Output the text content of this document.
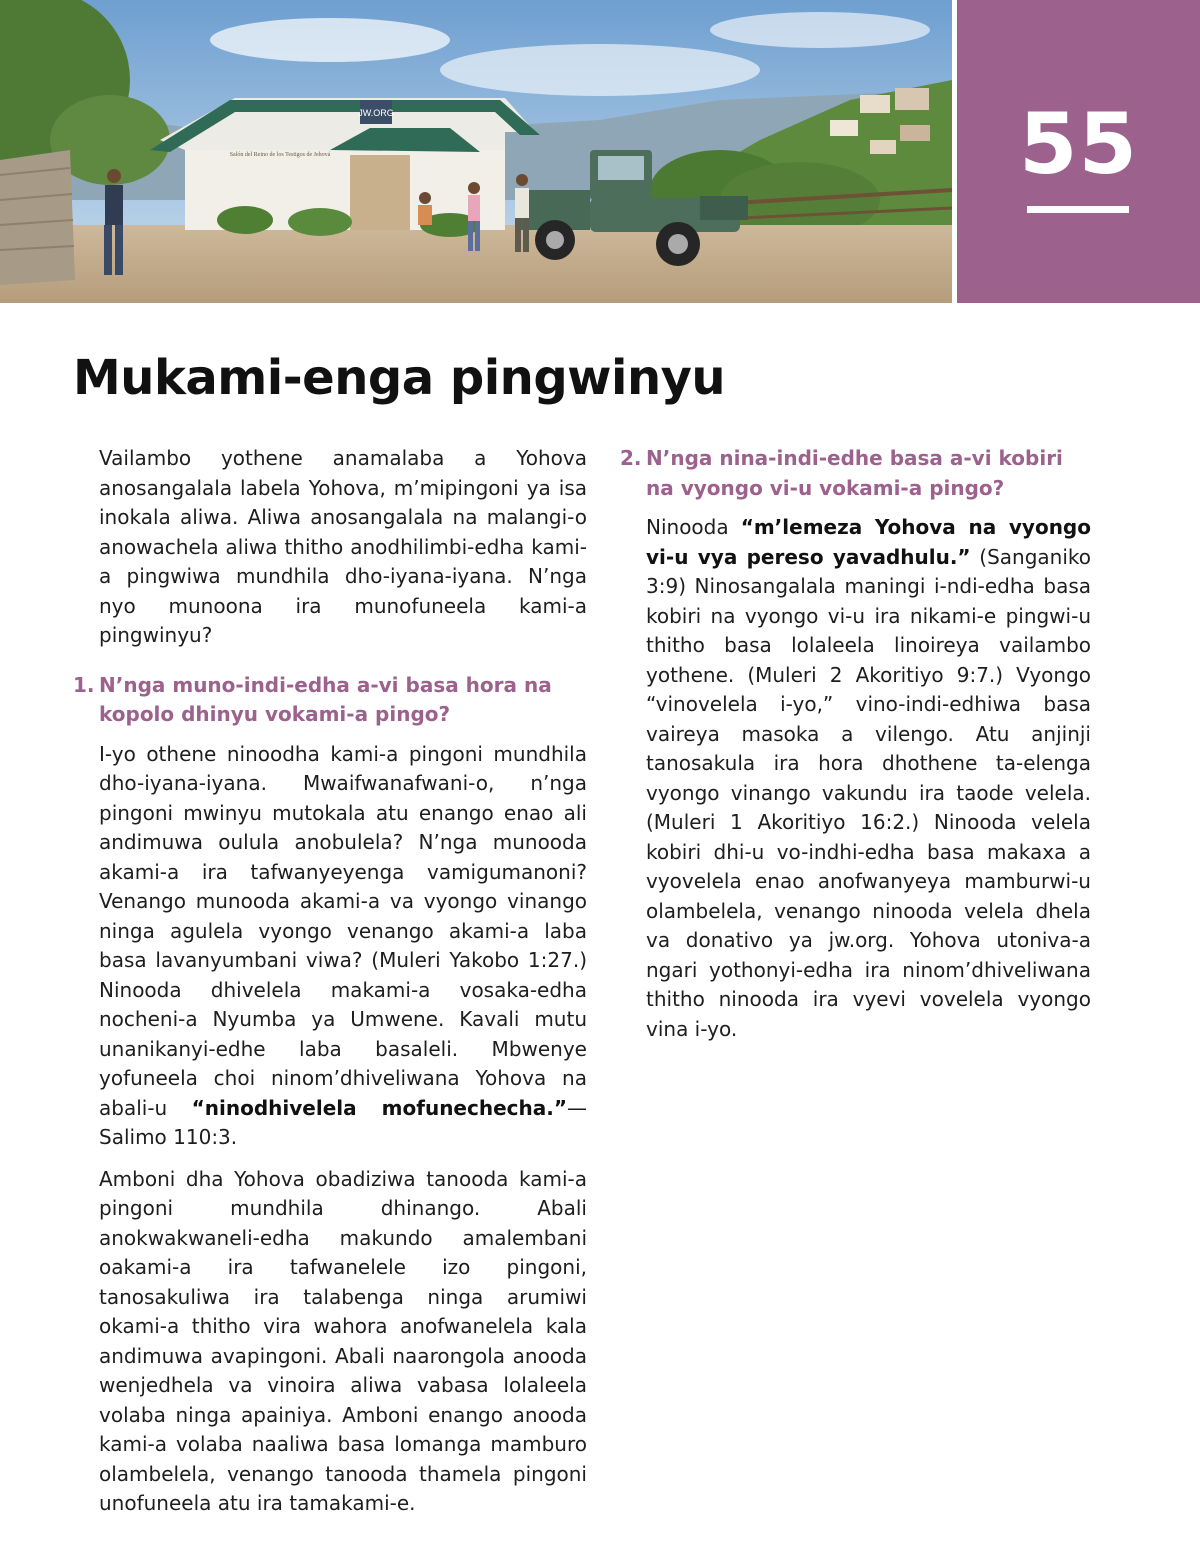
JW.ORG
Salón del Reino de los Testigos de Jehová	55
Mukami-enga pingwinyu

Vailambo yothene anamalaba a Yohova anosangalala labela Yohova, m’mipingoni ya isa inokala aliwa. Aliwa anosangalala na malangi-o anowachela aliwa thitho anodhilimbi-edha kami-a pingwiwa mundhila dho-iyana-iyana. N’nga nyo munoona ira munofuneela kami-a pingwinyu?

1. N’nga muno-indi-edha a-vi basa hora na kopolo dhinyu vokami-a pingo?

I-yo othene ninoodha kami-a pingoni mundhila dho-iyana-iyana. Mwaifwanafwani-o, n’nga pingoni mwinyu mutokala atu enango enao ali andimuwa oulula anobulela? N’nga munooda akami-a ira tafwanyeyenga vamigumanoni? Venango munooda akami-a va vyongo vinango ninga agulela vyongo venango akami-a laba basa lavanyumbani viwa? (Muleri Yakobo 1:27.) Ninooda dhivelela makami-a vosaka-edha nocheni-a Nyumba ya Umwene. Kavali mutu unanikanyi-edhe laba basaleli. Mbwenye yofuneela choi ninom’dhiveliwana Yohova na abali-u “ninodhivelela mofunechecha.”—Salimo 110:3.

Amboni dha Yohova obadiziwa tanooda kami-a pingoni mundhila dhinango. Abali anokwakwaneli-edha makundo amalembani oakami-a ira tafwanelele izo pingoni, tanosakuliwa ira talabenga ninga arumiwi okami-a thitho vira wahora anofwanelela kala andimuwa avapingoni. Abali naarongola anooda wenjedhela va vinoira aliwa vabasa lolaleela volaba ninga apainiya. Amboni enango anooda kami-a volaba naaliwa basa lomanga mamburo olambelela, venango tanooda thamela pingoni unofuneela atu ira tamakami-e.

2. N’nga nina-indi-edhe basa a-vi kobiri na vyongo vi-u vokami-a pingo?

Ninooda “m’lemeza Yohova na vyongo vi-u vya pereso yavadhulu.” (Sanganiko 3:9) Ninosangalala maningi i-ndi-edha basa kobiri na vyongo vi-u ira nikami-e pingwi-u thitho basa lolaleela linoireya vailambo yothene. (Muleri 2 Akoritiyo 9:7.) Vyongo “vinovelela i-yo,” vino-indi-edhiwa basa vaireya masoka a vilengo. Atu anjinji tanosakula ira hora dhothene ta-elenga vyongo vinango vakundu ira taode velela. (Muleri 1 Akoritiyo 16:2.) Ninooda velela kobiri dhi-u vo-indhi-edha basa makaxa a vyovelela enao anofwanyeya mamburwi-u olambelela, venango ninooda velela dhela va donativo ya jw.org. Yohova utoniva-a ngari yothonyi-edha ira ninom’dhiveliwana thitho ninooda ira vyevi vovelela vyongo vina i-yo.
